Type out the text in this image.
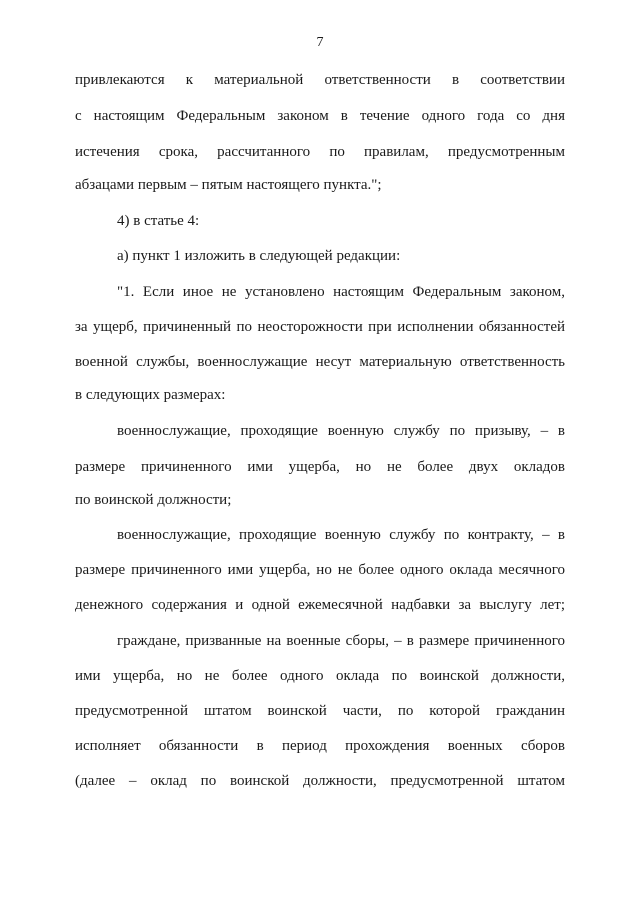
7
привлекаются к материальной ответственности в соответствии
с настоящим Федеральным законом в течение одного года со дня
истечения срока, рассчитанного по правилам, предусмотренным
абзацами первым – пятым настоящего пункта.";
4) в статье 4:
а) пункт 1 изложить в следующей редакции:
"1. Если иное не установлено настоящим Федеральным законом,
за ущерб, причиненный по неосторожности при исполнении обязанностей
военной службы, военнослужащие несут материальную ответственность
в следующих размерах:
военнослужащие, проходящие военную службу по призыву, – в
размере причиненного ими ущерба, но не более двух окладов
по воинской должности;
военнослужащие, проходящие военную службу по контракту, – в
размере причиненного ими ущерба, но не более одного оклада месячного
денежного содержания и одной ежемесячной надбавки за выслугу лет;
граждане, призванные на военные сборы, – в размере причиненного
ими ущерба, но не более одного оклада по воинской должности,
предусмотренной штатом воинской части, по которой гражданин
исполняет обязанности в период прохождения военных сборов
(далее – оклад по воинской должности, предусмотренной штатом
